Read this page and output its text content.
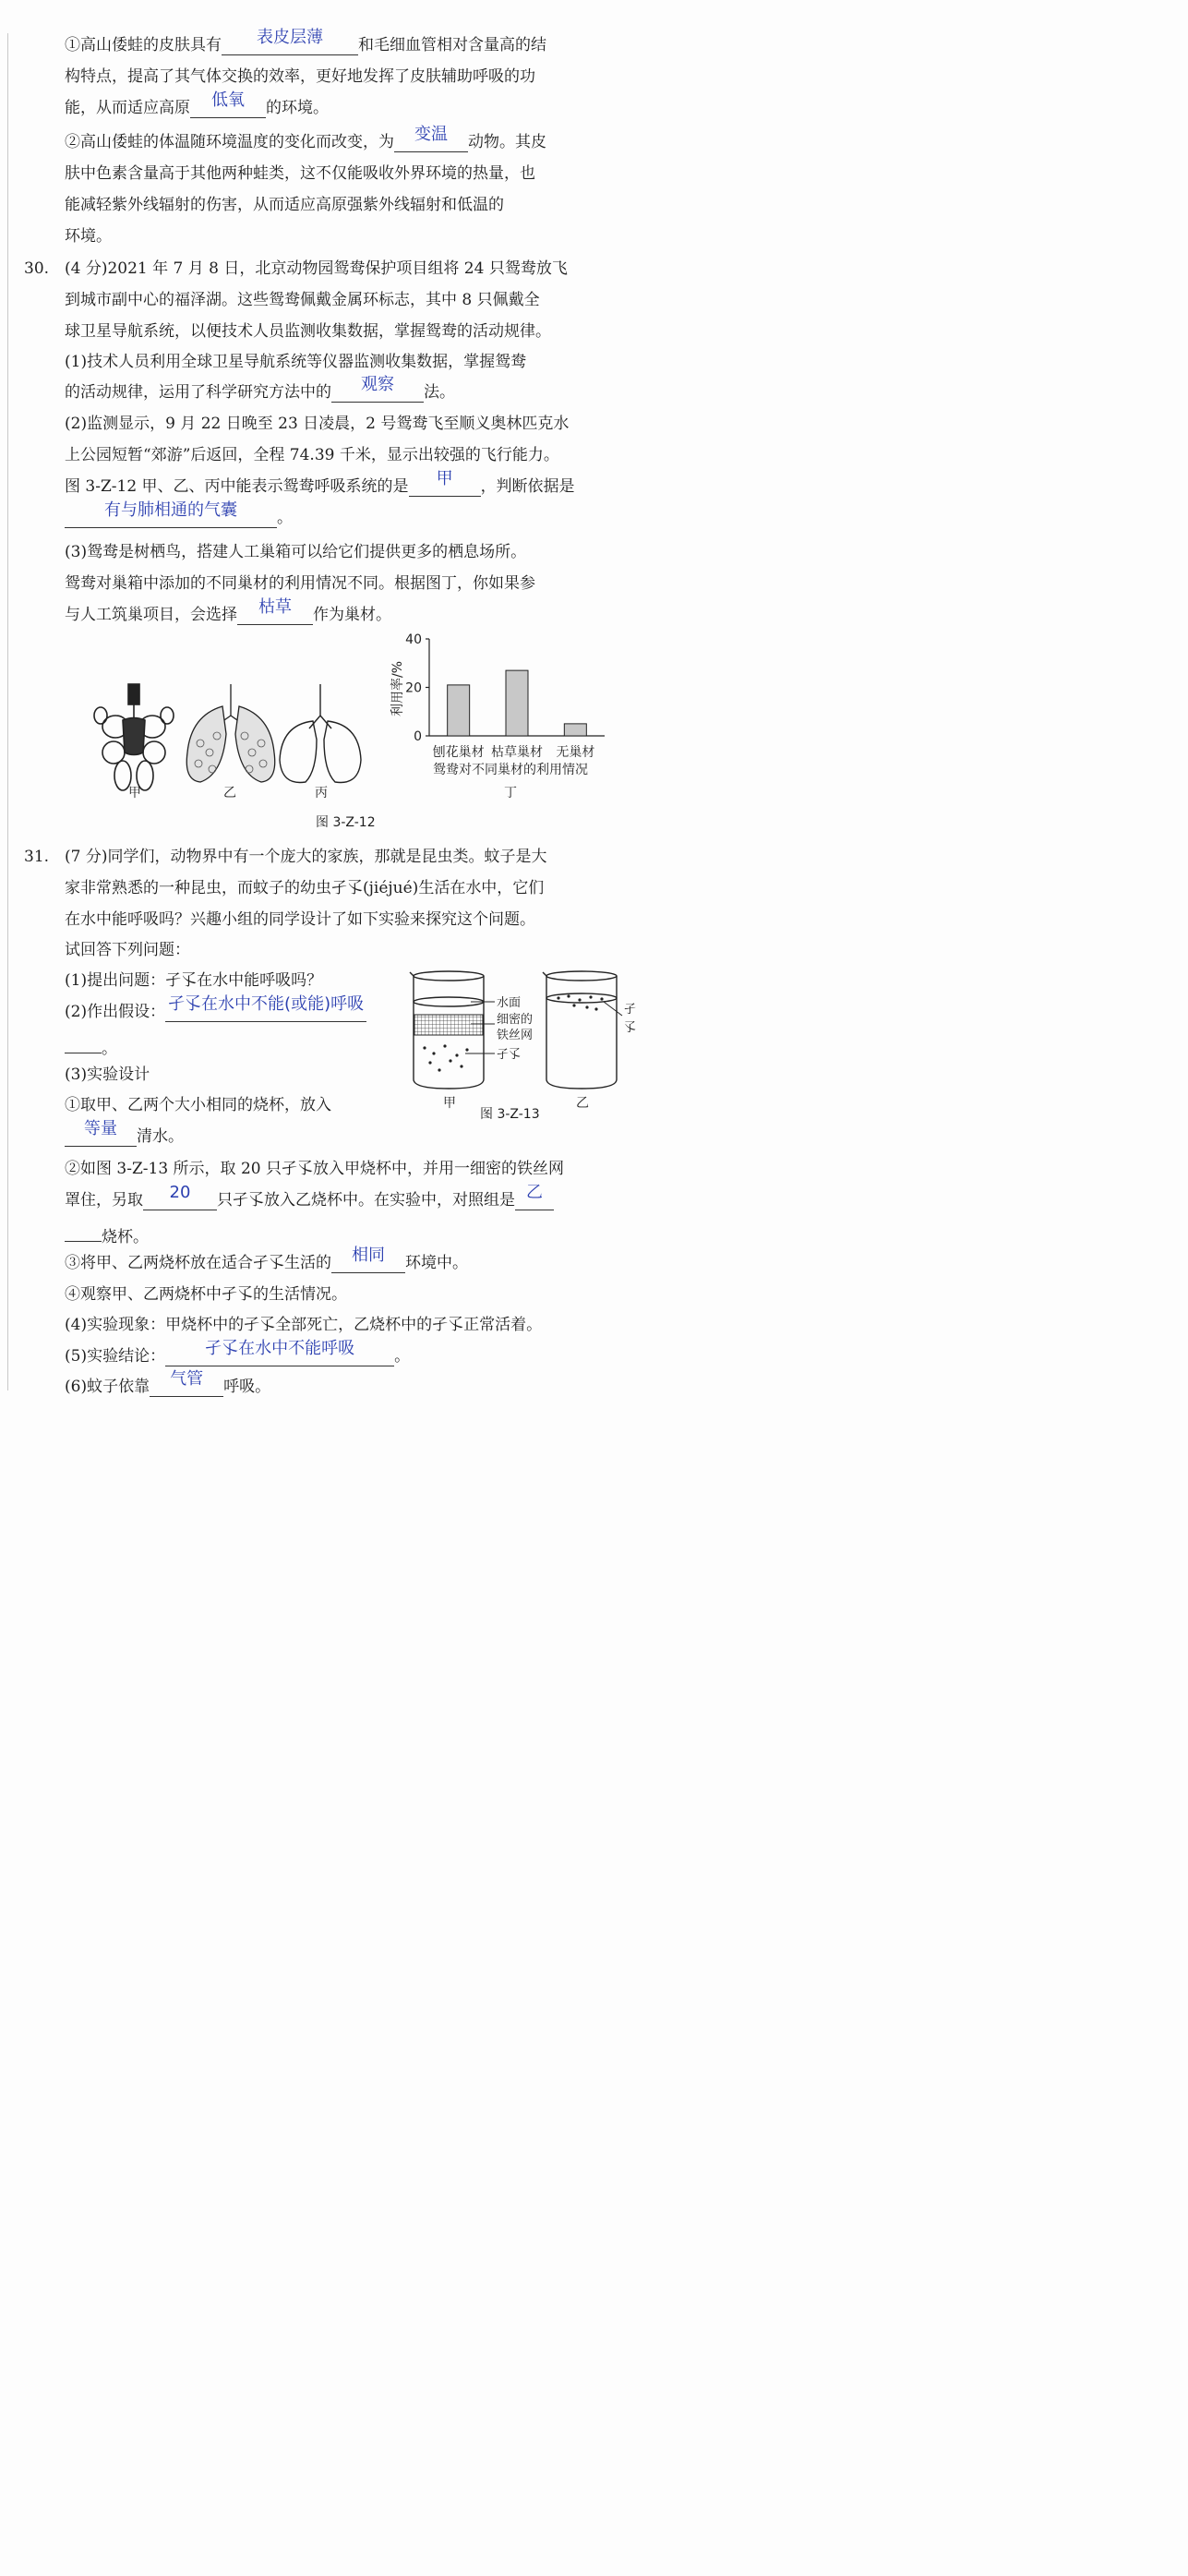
①高山倭蛙的皮肤具有 表皮层薄 和毛细血管相对含量高的结
构特点，提高了其气体交换的效率，更好地发挥了皮肤辅助呼吸的功
能，从而适应高原 低氧 的环境。
②高山倭蛙的体温随环境温度的变化而改变，为 变温 动物。其皮
肤中色素含量高于其他两种蛙类，这不仅能吸收外界环境的热量，也
能减轻紫外线辐射的伤害，从而适应高原强紫外线辐射和低温的
环境。
30. (4 分)2021 年 7 月 8 日，北京动物园鸳鸯保护项目组将 24 只鸳鸯放飞
到城市副中心的福泽湖。这些鸳鸯佩戴金属环标志，其中 8 只佩戴全
球卫星导航系统，以便技术人员监测收集数据，掌握鸳鸯的活动规律。
(1)技术人员利用全球卫星导航系统等仪器监测收集数据，掌握鸳鸯
的活动规律，运用了科学研究方法中的 观察 法。
(2)监测显示，9 月 22 日晚至 23 日凌晨，2 号鸳鸯飞至顺义奥林匹克水
上公园短暂“郊游”后返回，全程 74.39 千米，显示出较强的飞行能力。
图 3-Z-12 甲、乙、丙中能表示鸳鸯呼吸系统的是 甲 ，判断依据是
有与肺相通的气囊	。
(3)鸳鸯是树栖鸟，搭建人工巢箱可以给它们提供更多的栖息场所。
鸳鸯对巢箱中添加的不同巢材的利用情况不同。根据图丁，你如果参
与人工筑巢项目，会选择 枯草 作为巢材。
甲	乙	丙
利用率/%
0
20
40
刨花巢材 枯草巢材 无巢材
鸳鸯对不同巢材的利用情况
丁
图 3-Z-12
31. (7 分)同学们，动物界中有一个庞大的家族，那就是昆虫类。蚊子是大
家非常熟悉的一种昆虫，而蚊子的幼虫孑孓(jiéjué)生活在水中，它们
在水中能呼吸吗？兴趣小组的同学设计了如下实验来探究这个问题。
试回答下列问题：
(1)提出问题：孑孓在水中能呼吸吗？
(2)作出假设： 孑孓在水中不能(或能)呼吸
。
(3)实验设计
①取甲、乙两个大小相同的烧杯，放入
等量 清水。
水面
细密的
铁丝网
孑孓
孑
孓
甲	乙
图 3-Z-13
②如图 3-Z-13 所示，取 20 只孑孓放入甲烧杯中，并用一细密的铁丝网
罩住，另取 20 只孑孓放入乙烧杯中。在实验中，对照组是 乙
烧杯。
③将甲、乙两烧杯放在适合孑孓生活的 相同 环境中。
④观察甲、乙两烧杯中孑孓的生活情况。
(4)实验现象：甲烧杯中的孑孓全部死亡，乙烧杯中的孑孓正常活着。
(5)实验结论： 孑孓在水中不能呼吸	。
(6)蚊子依靠 气管 呼吸。
